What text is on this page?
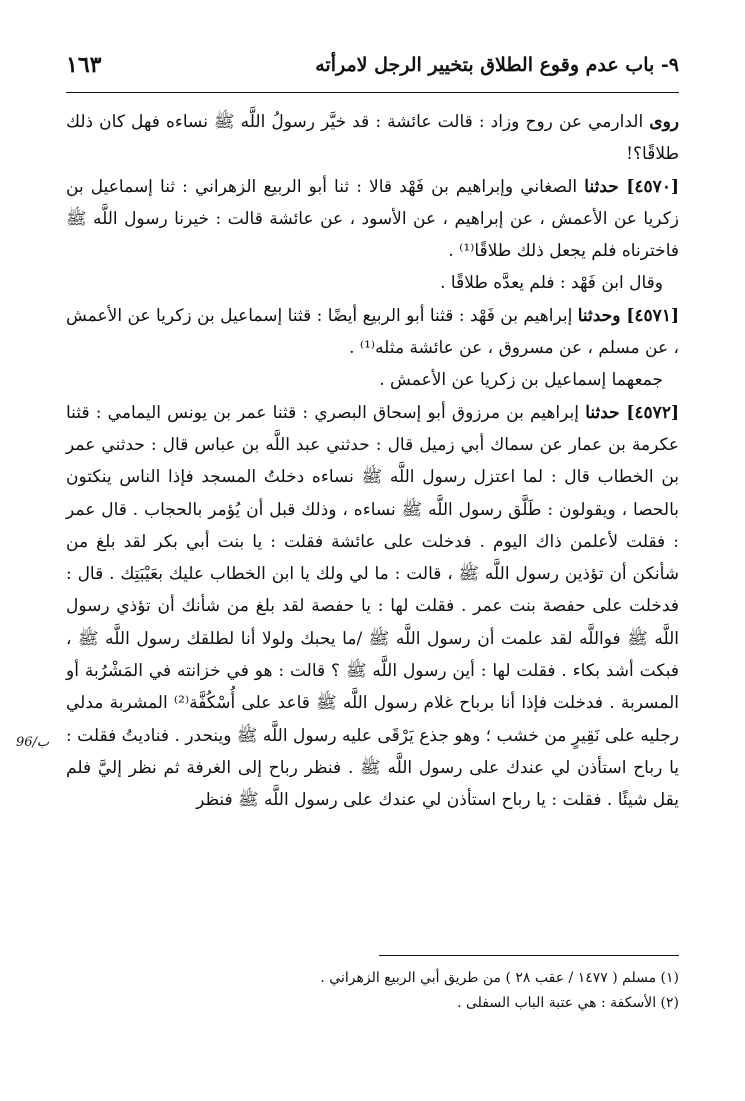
٩- باب عدم وقوع الطلاق بتخيير الرجل لامرأته
١٦٣

روى الدارمي عن روح وزاد : قالت عائشة : قد خيَّر رسولُ اللَّه ﷺ نساءه فهل كان ذلك طلاقًا؟!

[٤٥٧٠] حدثنا الصغاني وإبراهيم بن فَهْد قالا : ثنا أبو الربيع الزهراني : ثنا إسماعيل بن زكريا عن الأعمش ، عن إبراهيم ، عن الأسود ، عن عائشة قالت : خيرنا رسول اللَّه ﷺ فاخترناه فلم يجعل ذلك طلاقًا⁽¹⁾ .

وقال ابن فَهْد : فلم يعدَّه طلاقًا .

[٤٥٧١] وحدثنا إبراهيم بن فَهْد : قثنا أبو الربيع أيضًا : قثنا إسماعيل بن زكريا عن الأعمش ، عن مسلم ، عن مسروق ، عن عائشة مثله⁽¹⁾ .

جمعهما إسماعيل بن زكريا عن الأعمش .

[٤٥٧٢] حدثنا إبراهيم بن مرزوق أبو إسحاق البصري : قثنا عمر بن يونس اليمامي : قثنا عكرمة بن عمار عن سماك أبي زميل قال : حدثني عبد اللَّه بن عباس قال : حدثني عمر بن الخطاب قال : لما اعتزل رسول اللَّه ﷺ نساءه دخلتُ المسجد فإذا الناس ينكتون بالحصا ، ويقولون : طَلَّق رسول اللَّه ﷺ نساءه ، وذلك قبل أن يُؤمر بالحجاب . قال عمر : فقلت لأعلمن ذاك اليوم . فدخلت على عائشة فقلت : يا بنت أبي بكر لقد بلغ من شأنكن أن تؤذين رسول اللَّه ﷺ ، قالت : ما لي ولك يا ابن الخطاب عليك بعَيْبَتِك . قال : فدخلت على حفصة بنت عمر . فقلت لها : يا حفصة لقد بلغ من شأنك أن تؤذي رسول اللَّه ﷺ فواللَّه لقد علمت أن رسول اللَّه ﷺ /ما يحبك ولولا أنا لطلقك رسول اللَّه ﷺ ، فبكت أشد بكاء . فقلت لها : أين رسول اللَّه ﷺ ؟ قالت : هو في خزانته في المَشْرُبة أو المسربة . فدخلت فإذا أنا برباح غلام رسول اللَّه ﷺ قاعد على أُسْكُفَّة⁽²⁾ المشربة مدلي رجليه على نَقِيرٍ من خشب ؛ وهو جذع يَرْقَى عليه رسول اللَّه ﷺ وينحدر . فناديتُ فقلت : يا رباح استأذن لي عندك على رسول اللَّه ﷺ . فنظر رباح إلى الغرفة ثم نظر إليَّ فلم يقل شيئًا . فقلت : يا رباح استأذن لي عندك على رسول اللَّه ﷺ فنظر

96/ب

(١) مسلم ( ١٤٧٧ / عقب ٢٨ ) من طريق أبي الربيع الزهراني .

(٢) الأسكفة : هي عتبة الباب السفلى .
